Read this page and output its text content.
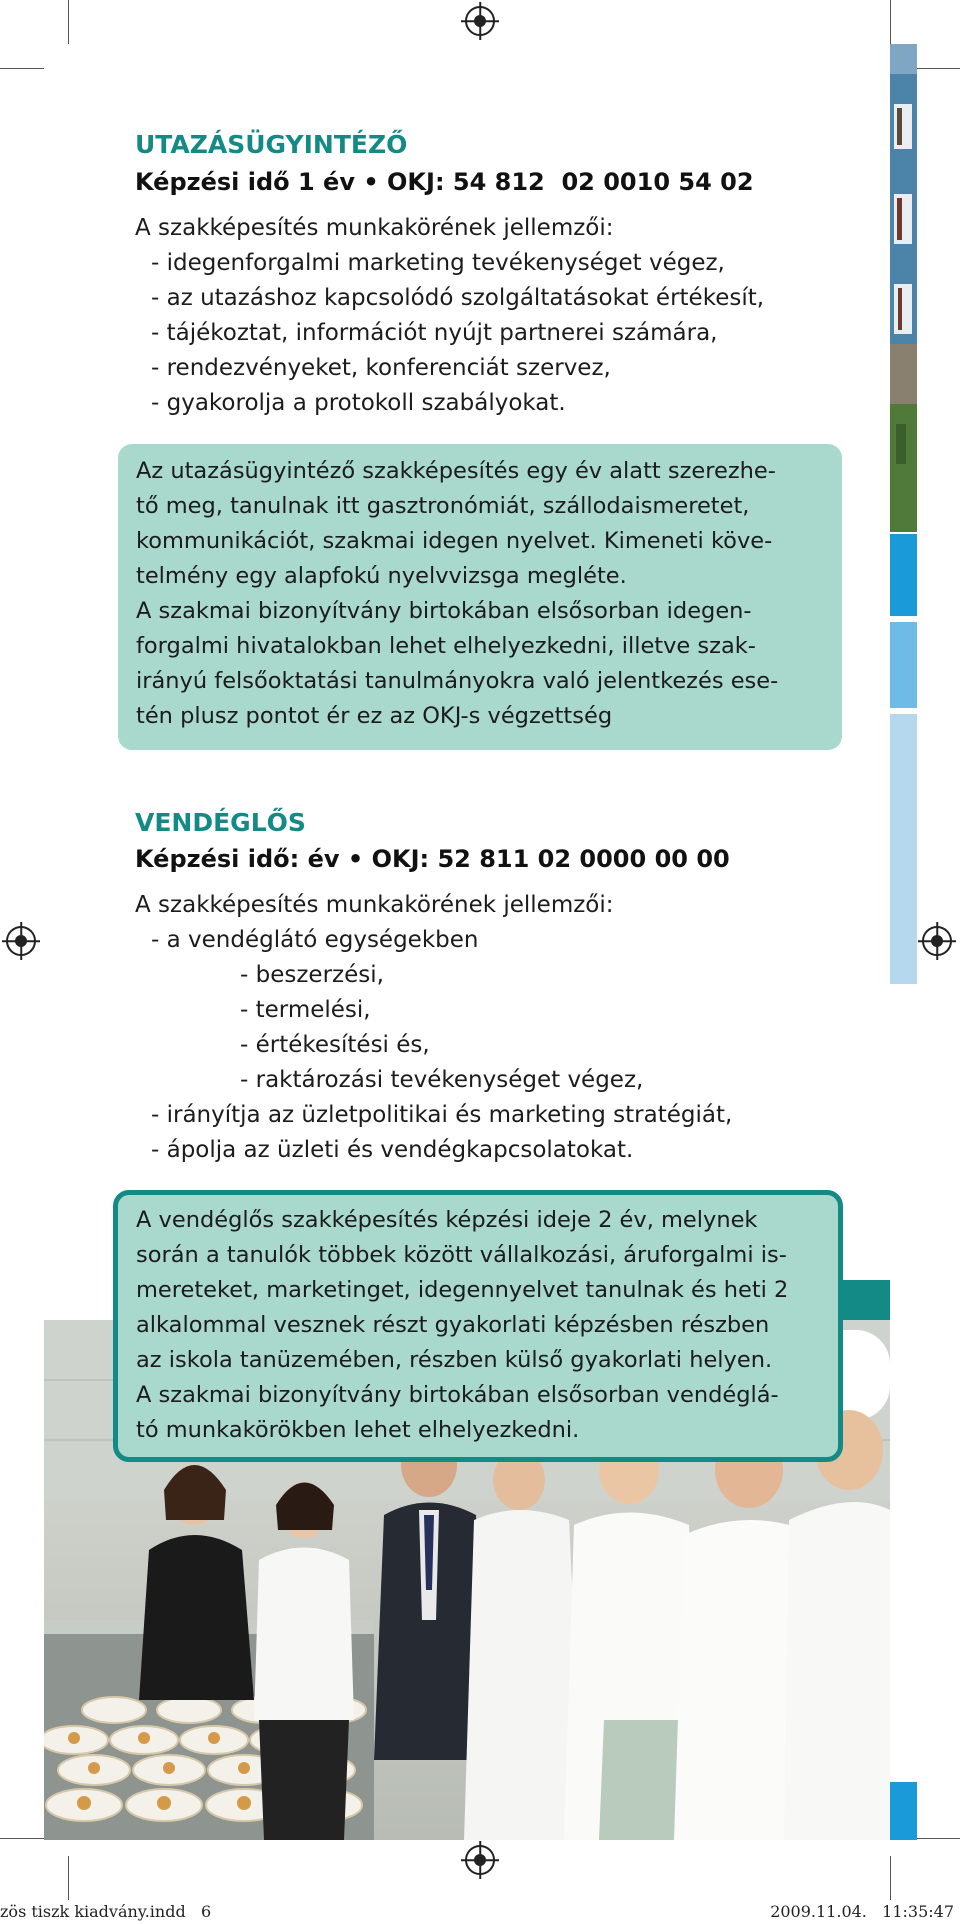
UTAZÁSÜGYINTÉZŐ
Képzési idő 1 év • OKJ: 54 812  02 0010 54 02
A szakképesítés munkakörének jellemzői:
- idegenforgalmi marketing tevékenységet végez,
- az utazáshoz kapcsolódó szolgáltatásokat értékesít,
- tájékoztat, információt nyújt partnerei számára,
- rendezvényeket, konferenciát szervez,
- gyakorolja a protokoll szabályokat.

Az utazásügyintéző szakképesítés egy év alatt szerezhe-

tő meg, tanulnak itt gasztronómiát, szállodaismeretet,

kommunikációt, szakmai idegen nyelvet. Kimeneti köve-

telmény egy alapfokú nyelvvizsga megléte.

A szakmai bizonyítvány birtokában elsősorban idegen-

forgalmi hivatalokban lehet elhelyezkedni, illetve szak-

irányú felsőoktatási tanulmányokra való jelentkezés ese-

tén plusz pontot ér ez az OKJ-s végzettség

VENDÉGLŐS
Képzési idő: év • OKJ: 52 811 02 0000 00 00
A szakképesítés munkakörének jellemzői:
- a vendéglátó egységekben
- beszerzési,
- termelési,
- értékesítési és,
- raktározási tevékenységet végez,
- irányítja az üzletpolitikai és marketing stratégiát,
- ápolja az üzleti és vendégkapcsolatokat.

A vendéglős szakképesítés képzési ideje 2 év, melynek

során a tanulók többek között vállalkozási, áruforgalmi is-

mereteket, marketinget, idegennyelvet tanulnak és heti 2

alkalommal vesznek részt gyakorlati képzésben részben

az iskola tanüzemében, részben külső gyakorlati helyen.

A szakmai bizonyítvány birtokában elsősorban vendéglá-

tó munkakörökben lehet elhelyezkedni.

zös tiszk kiadvány.indd   6	2009.11.04.   11:35:47
